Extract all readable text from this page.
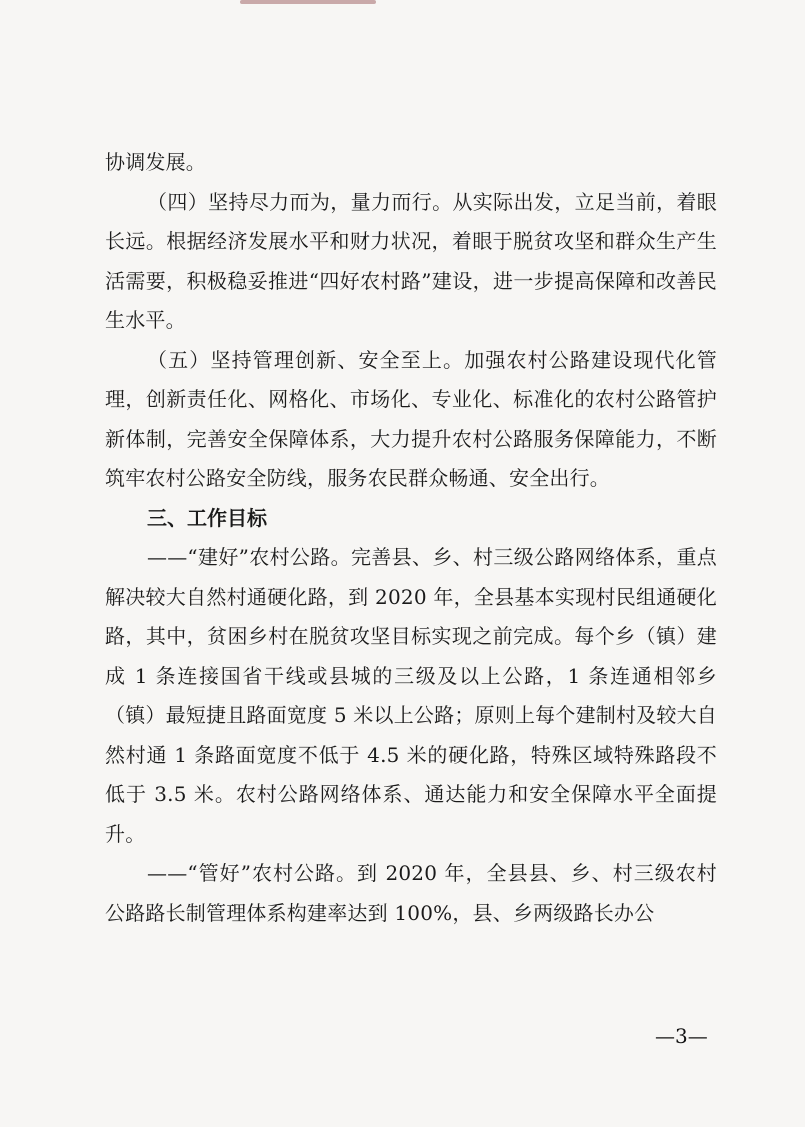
协调发展。

（四）坚持尽力而为，量力而行。从实际出发，立足当前，着眼长远。根据经济发展水平和财力状况，着眼于脱贫攻坚和群众生产生活需要，积极稳妥推进“四好农村路”建设，进一步提高保障和改善民生水平。

（五）坚持管理创新、安全至上。加强农村公路建设现代化管理，创新责任化、网格化、市场化、专业化、标准化的农村公路管护新体制，完善安全保障体系，大力提升农村公路服务保障能力，不断筑牢农村公路安全防线，服务农民群众畅通、安全出行。

三、工作目标

——“建好”农村公路。完善县、乡、村三级公路网络体系，重点解决较大自然村通硬化路，到 2020 年，全县基本实现村民组通硬化路，其中，贫困乡村在脱贫攻坚目标实现之前完成。每个乡（镇）建成 1 条连接国省干线或县城的三级及以上公路，1 条连通相邻乡（镇）最短捷且路面宽度 5 米以上公路；原则上每个建制村及较大自然村通 1 条路面宽度不低于 4.5 米的硬化路，特殊区域特殊路段不低于 3.5 米。农村公路网络体系、通达能力和安全保障水平全面提升。

——“管好”农村公路。到 2020 年，全县县、乡、村三级农村公路路长制管理体系构建率达到 100%，县、乡两级路长办公

—3—
